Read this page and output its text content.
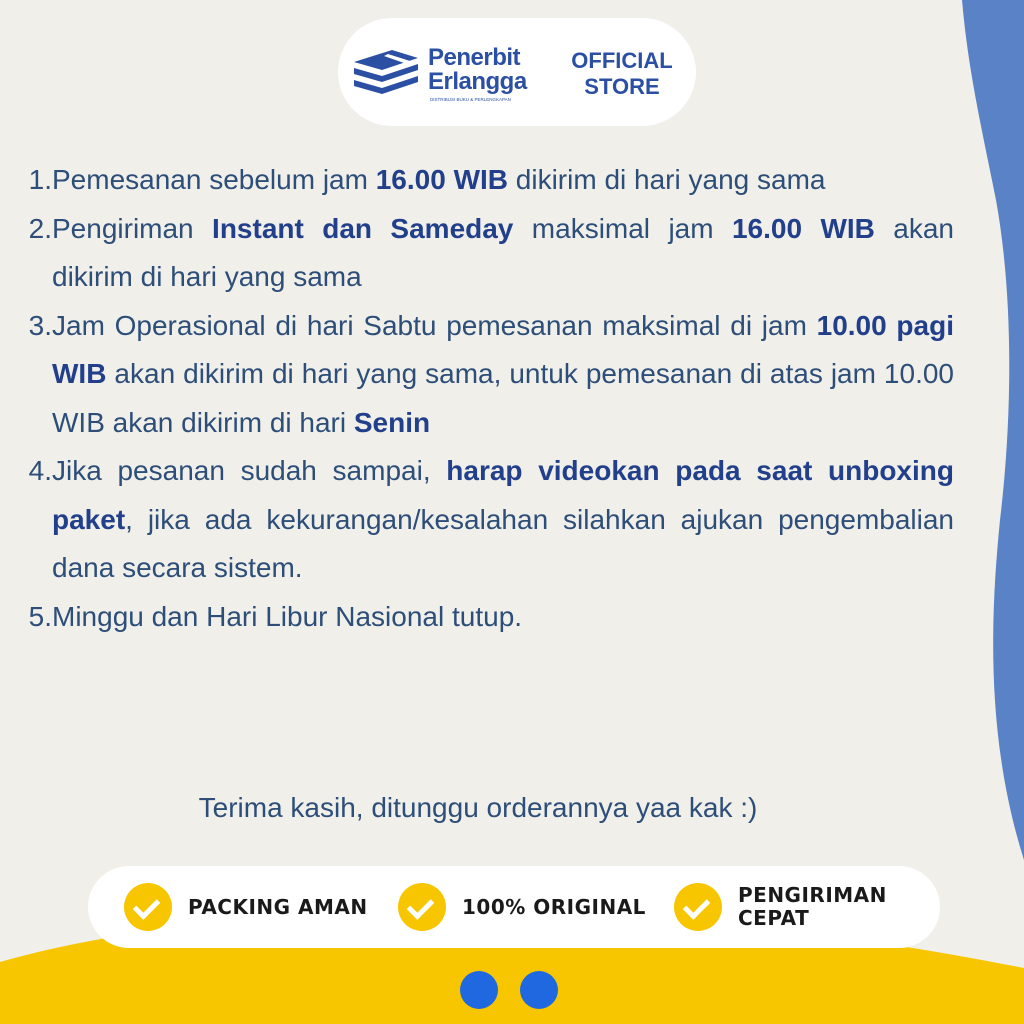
Penerbit
Erlangga
DISTRIBUSI BUKU & PERLENGKAPAN
OFFICIAL
STORE
1. Pemesanan sebelum jam 16.00 WIB dikirim di hari yang sama
2. Pengiriman Instant dan Sameday maksimal jam 16.00 WIB akan dikirim di hari yang sama
3. Jam Operasional di hari Sabtu pemesanan maksimal di jam 10.00 pagi WIB akan dikirim di hari yang sama, untuk pemesanan di atas jam 10.00 WIB akan dikirim di hari Senin
4. Jika pesanan sudah sampai, harap videokan pada saat unboxing paket, jika ada kekurangan/kesalahan silahkan ajukan pengembalian dana secara sistem.
5. Minggu dan Hari Libur Nasional tutup.
Terima kasih, ditunggu orderannya yaa kak :)
PACKING AMAN	100% ORIGINAL	PENGIRIMAN CEPAT
